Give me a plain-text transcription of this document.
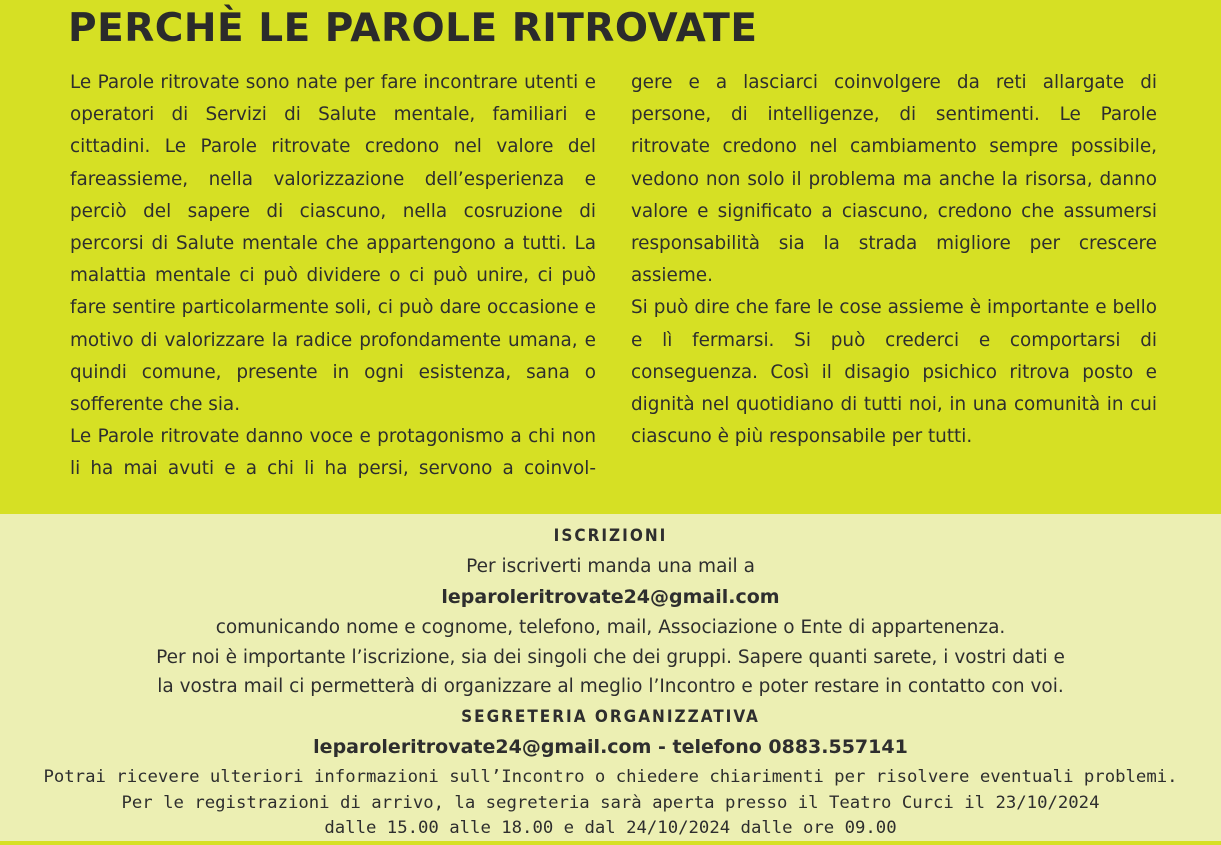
PERCHÈ LE PAROLE RITROVATE

Le Parole ritrovate sono nate per fare incontrare utenti e operatori di Servizi di Salute mentale, familiari e cittadini. Le Parole ritrovate credono nel valore del fareassieme, nella valorizzazione dell’esperienza e perciò del sapere di ciascuno, nella cosruzione di percorsi di Salute mentale che appartengono a tutti. La malattia mentale ci può dividere o ci può unire, ci può fare sentire particolarmente soli, ci può dare occasione e motivo di valorizzare la radice profondamente umana, e quindi comune, presente in ogni esistenza, sana o sofferente che sia.

Le Parole ritrovate danno voce e protagonismo a chi non li ha mai avuti e a chi li ha persi, servono a coinvol-

gere e a lasciarci coinvolgere da reti allargate di persone, di intelligenze, di sentimenti. Le Parole ritrovate credono nel cambiamento sempre possibile, vedono non solo il problema ma anche la risorsa, danno valore e significato a ciascuno, credono che assumersi responsabilità sia la strada migliore per crescere assieme.

Si può dire che fare le cose assieme è importante e bello e lì fermarsi. Si può crederci e comportarsi di conseguenza. Così il disagio psichico ritrova posto e dignità nel quotidiano di tutti noi, in una comunità in cui ciascuno è più responsabile per tutti.

ISCRIZIONI
Per iscriverti manda una mail a
leparoleritrovate24@gmail.com
comunicando nome e cognome, telefono, mail, Associazione o Ente di appartenenza.
Per noi è importante l’iscrizione, sia dei singoli che dei gruppi. Sapere quanti sarete, i vostri dati e
la vostra mail ci permetterà di organizzare al meglio l’Incontro e poter restare in contatto con voi.
SEGRETERIA ORGANIZZATIVA
leparoleritrovate24@gmail.com - telefono 0883.557141
Potrai ricevere ulteriori informazioni sull’Incontro o chiedere chiarimenti per risolvere eventuali problemi.
Per le registrazioni di arrivo, la segreteria sarà aperta presso il Teatro Curci il 23/10/2024
dalle 15.00 alle 18.00 e dal 24/10/2024 dalle ore 09.00
